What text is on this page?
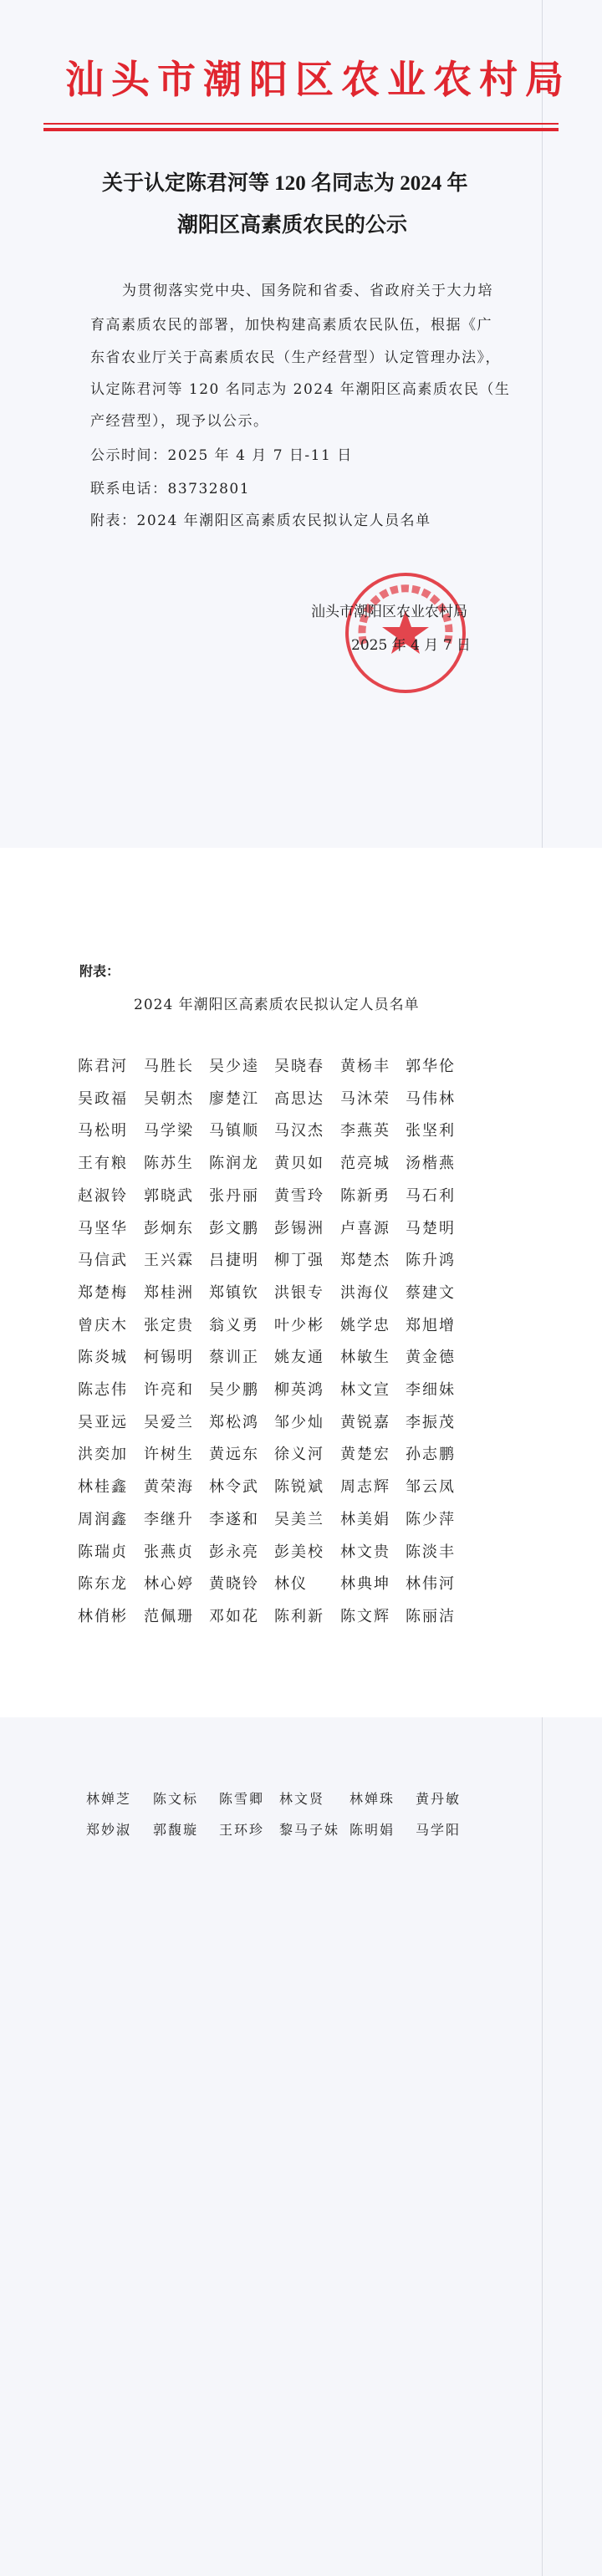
汕头市潮阳区农业农村局
关于认定陈君河等 120 名同志为 2024 年
潮阳区高素质农民的公示
为贯彻落实党中央、国务院和省委、省政府关于大力培
育高素质农民的部署，加快构建高素质农民队伍，根据《广
东省农业厅关于高素质农民（生产经营型）认定管理办法》，
认定陈君河等 120 名同志为 2024 年潮阳区高素质农民（生
产经营型），现予以公示。
公示时间：2025 年 4 月 7 日-11 日
联系电话：83732801
附表：2024 年潮阳区高素质农民拟认定人员名单
汕头市潮阳区农业农村局
2025 年 4 月 7 日
附表：
2024 年潮阳区高素质农民拟认定人员名单
陈君河 马胜长 吴少逵 吴晓春 黄杨丰 郭华伦
吴政福 吴朝杰 廖楚江 高思达 马沐荣 马伟林
马松明 马学梁 马镇顺 马汉杰 李燕英 张坚利
王有粮 陈苏生 陈润龙 黄贝如 范亮城 汤楷燕
赵淑铃 郭晓武 张丹丽 黄雪玲 陈新勇 马石利
马坚华 彭炯东 彭文鹏 彭锡洲 卢喜源 马楚明
马信武 王兴霖 吕捷明 柳丁强 郑楚杰 陈升鸿
郑楚梅 郑桂洲 郑镇钦 洪银专 洪海仪 蔡建文
曾庆木 张定贵 翁义勇 叶少彬 姚学忠 郑旭增
陈炎城 柯锡明 蔡训正 姚友通 林敏生 黄金德
陈志伟 许亮和 吴少鹏 柳英鸿 林文宣 李细妹
吴亚远 吴爱兰 郑松鸿 邹少灿 黄锐嘉 李振茂
洪奕加 许树生 黄远东 徐义河 黄楚宏 孙志鹏
林桂鑫 黄荣海 林令武 陈锐斌 周志辉 邹云凤
周润鑫 李继升 李遂和 吴美兰 林美娟 陈少萍
陈瑞贞 张燕贞 彭永亮 彭美校 林文贵 陈淡丰
陈东龙 林心婷 黄晓铃 林仪 林典坤 林伟河
林俏彬 范佩珊 邓如花 陈利新 陈文辉 陈丽洁
林婵芝 陈文标 陈雪卿 林文贤 林婵珠 黄丹敏
郑妙淑 郭馥璇 王环珍 黎马子妹 陈明娟 马学阳
